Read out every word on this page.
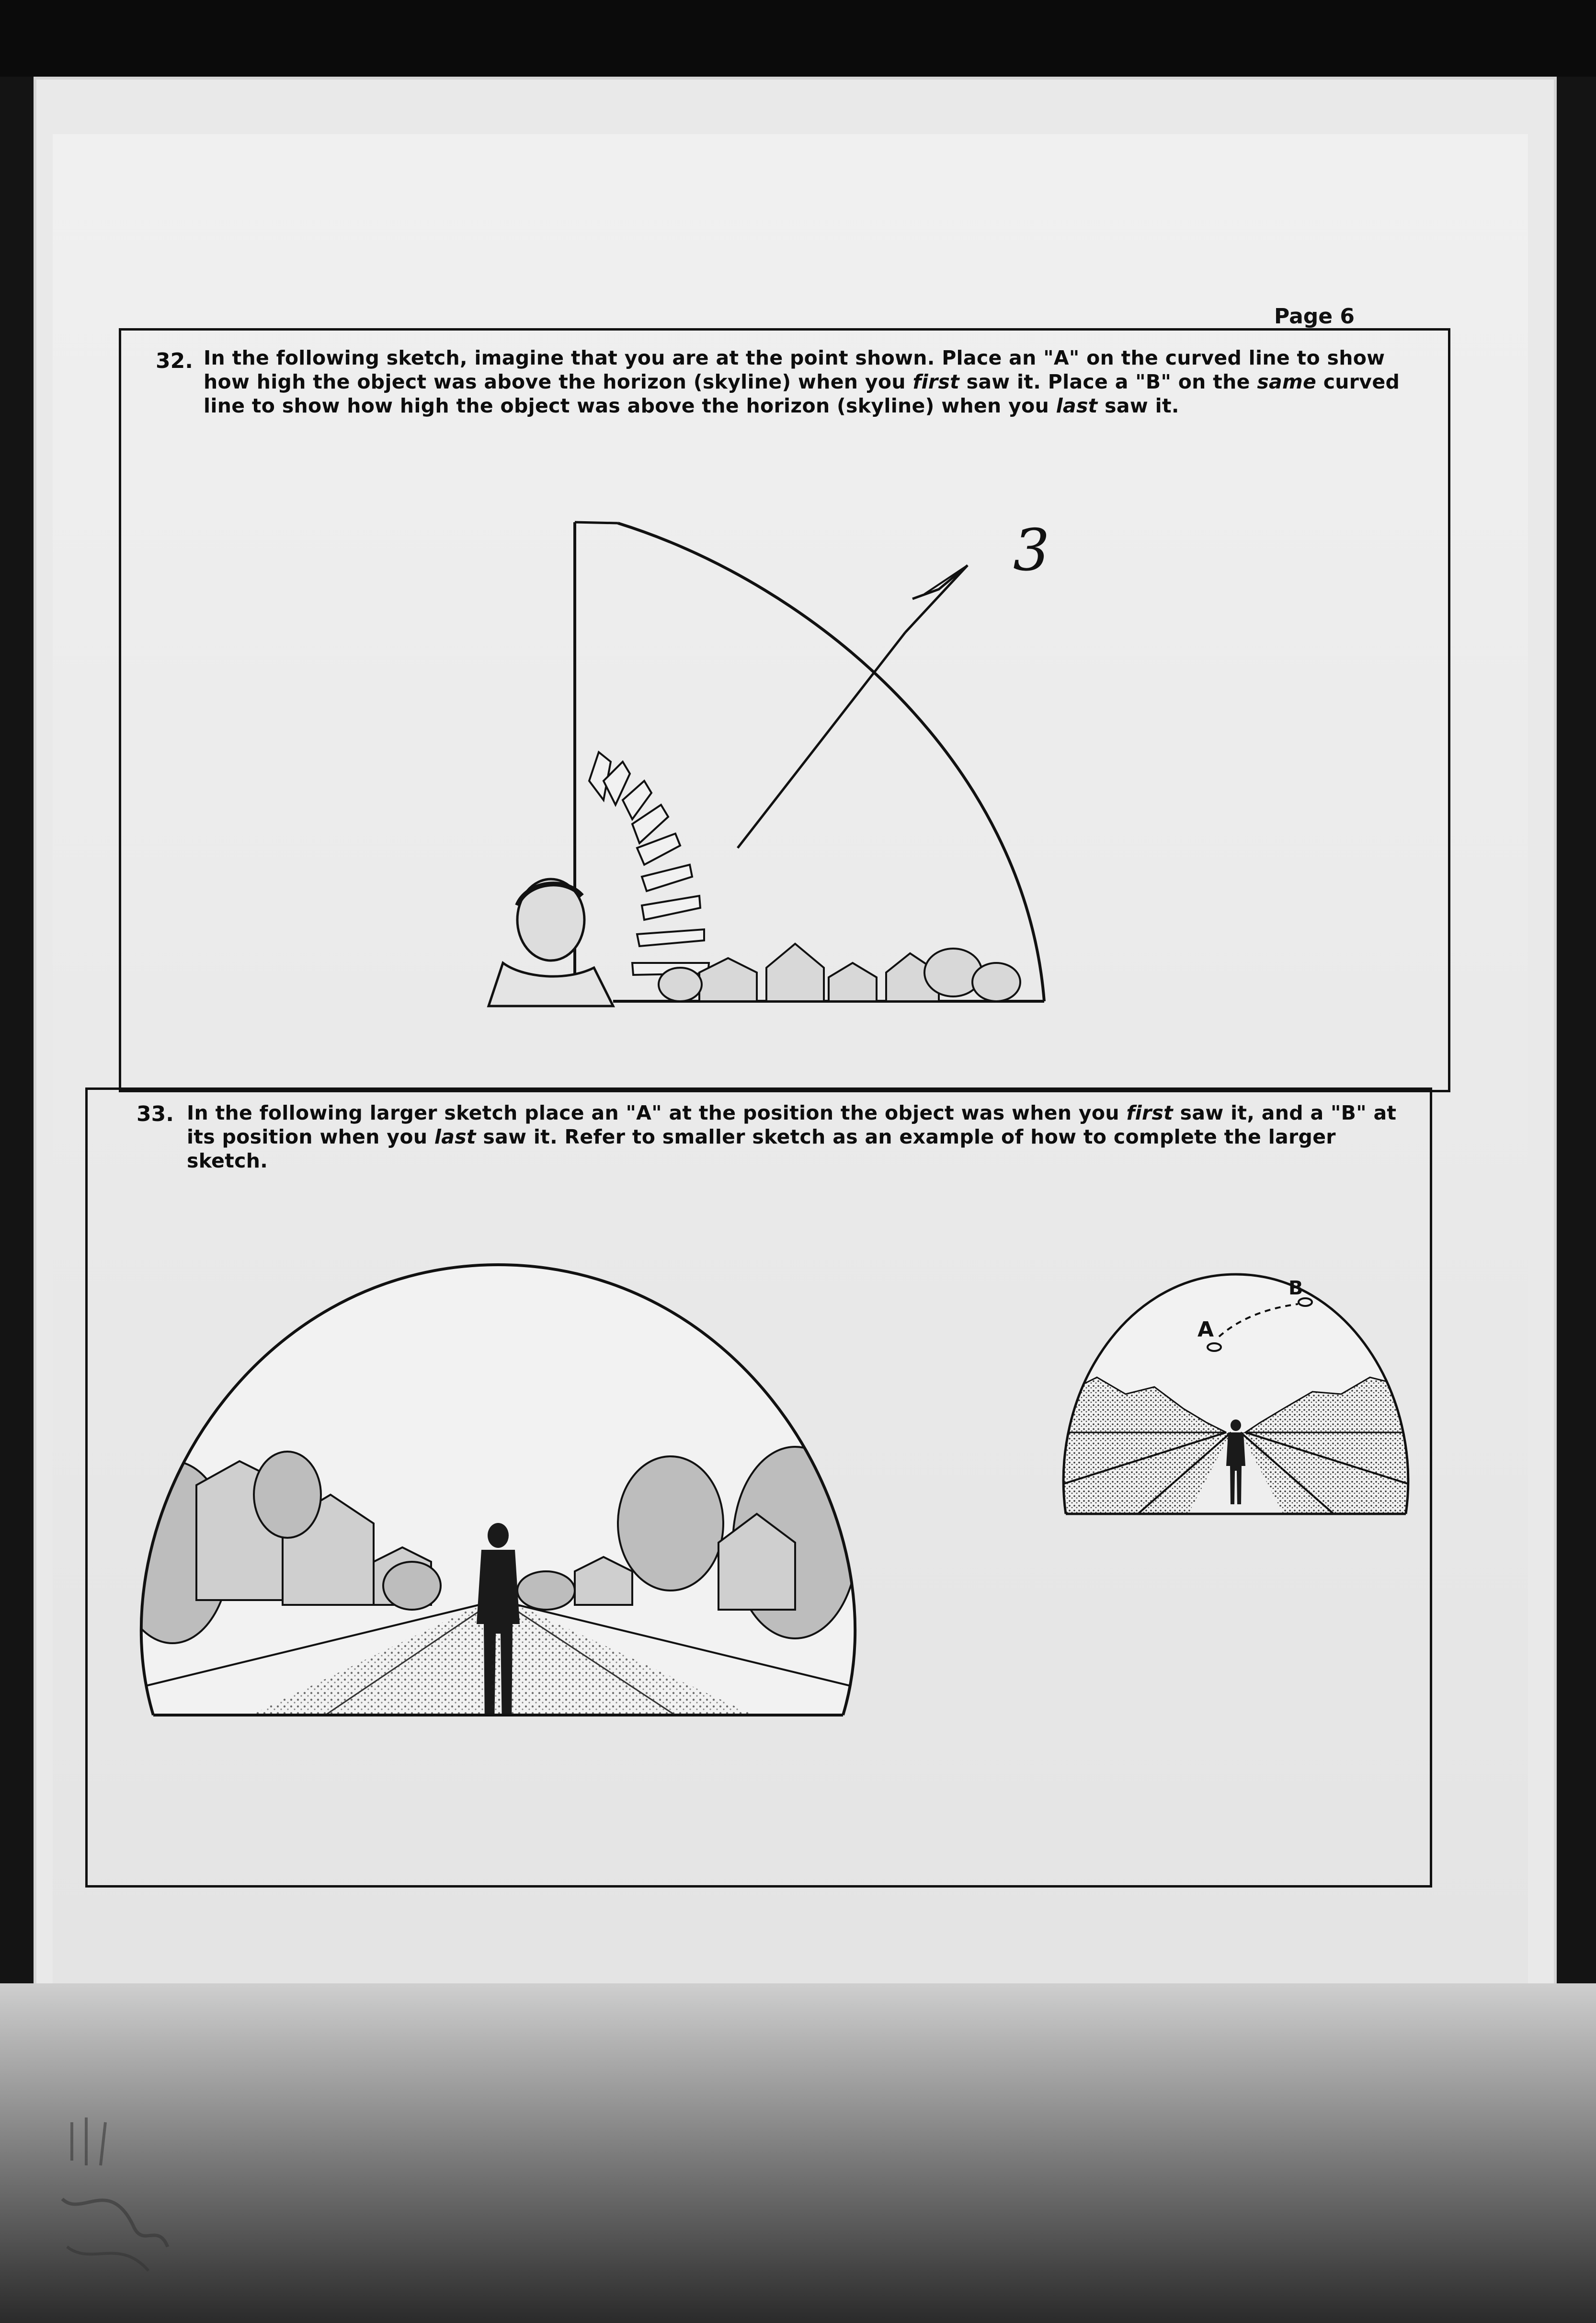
Page 6
32. In the following sketch, imagine that you are at the point shown. Place an "A" on the curved line to show how high the object was above the horizon (skyline) when you first saw it. Place a "B" on the same curved line to show how high the object was above the horizon (skyline) when you last saw it.

3
33. In the following larger sketch place an "A" at the position the object was when you first saw it, and a "B" at its position when you last saw it. Refer to smaller sketch as an example of how to complete the larger sketch.

A
B
